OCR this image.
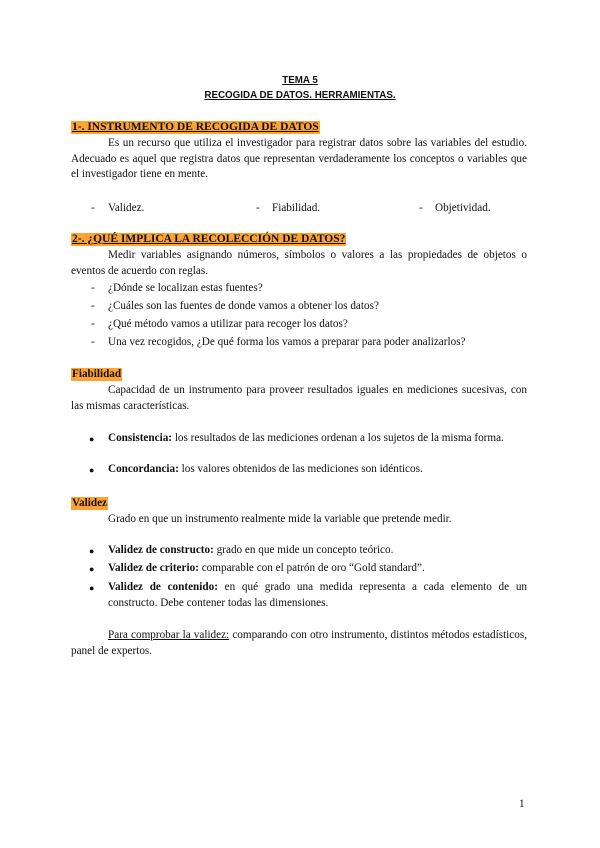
TEMA 5
RECOGIDA DE DATOS. HERRAMIENTAS.
1-. INSTRUMENTO DE RECOGIDA DE DATOS
Es un recurso que utiliza el investigador para registrar datos sobre las variables del estudio. Adecuado es aquel que registra datos que representan verdaderamente los conceptos o variables que el investigador tiene en mente.
- Validez.	- Fiabilidad.	- Objetividad.
2-. ¿QUÉ IMPLICA LA RECOLECCIÓN DE DATOS?
Medir variables asignando números, símbolos o valores a las propiedades de objetos o eventos de acuerdo con reglas.
- ¿Dónde se localizan estas fuentes?
- ¿Cuáles son las fuentes de donde vamos a obtener los datos?
- ¿Qué método vamos a utilizar para recoger los datos?
- Una vez recogidos, ¿De qué forma los vamos a preparar para poder analizarlos?
Fiabilidad
Capacidad de un instrumento para proveer resultados iguales en mediciones sucesivas, con las mismas características.
● Consistencia: los resultados de las mediciones ordenan a los sujetos de la misma forma.
● Concordancia: los valores obtenidos de las mediciones son idénticos.
Validez
Grado en que un instrumento realmente mide la variable que pretende medir.
● Validez de constructo: grado en que mide un concepto teórico.
● Validez de criterio: comparable con el patrón de oro “Gold standard”.
● Validez de contenido: en qué grado una medida representa a cada elemento de un constructo. Debe contener todas las dimensiones.
Para comprobar la validez: comparando con otro instrumento, distintos métodos estadísticos, panel de expertos.
1
